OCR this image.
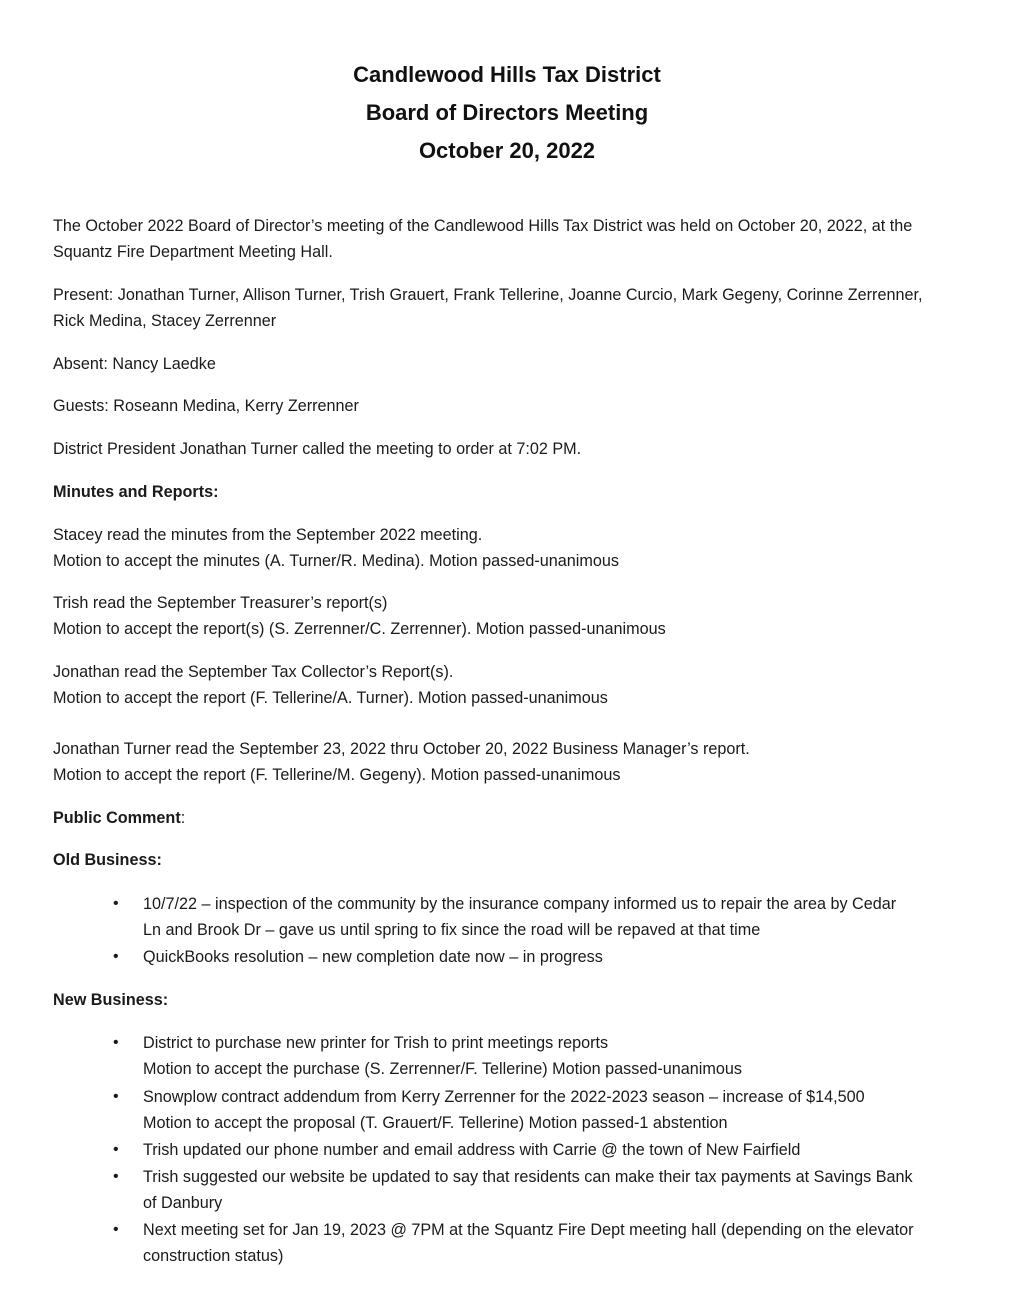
Candlewood Hills Tax District
Board of Directors Meeting
October 20, 2022
The October 2022 Board of Director’s meeting of the Candlewood Hills Tax District was held on October 20, 2022, at the
Squantz Fire Department Meeting Hall.
Present: Jonathan Turner, Allison Turner, Trish Grauert, Frank Tellerine, Joanne Curcio, Mark Gegeny, Corinne Zerrenner,
Rick Medina, Stacey Zerrenner
Absent: Nancy Laedke
Guests: Roseann Medina, Kerry Zerrenner
District President Jonathan Turner called the meeting to order at 7:02 PM.
Minutes and Reports:
Stacey read the minutes from the September 2022 meeting.
Motion to accept the minutes (A. Turner/R. Medina). Motion passed-unanimous
Trish read the September Treasurer’s report(s)
Motion to accept the report(s) (S. Zerrenner/C. Zerrenner). Motion passed-unanimous
Jonathan read the September Tax Collector’s Report(s).
Motion to accept the report (F. Tellerine/A. Turner). Motion passed-unanimous
Jonathan Turner read the September 23, 2022 thru October 20, 2022 Business Manager’s report.
Motion to accept the report (F. Tellerine/M. Gegeny). Motion passed-unanimous
Public Comment:
Old Business:
• 10/7/22 – inspection of the community by the insurance company informed us to repair the area by Cedar
Ln and Brook Dr – gave us until spring to fix since the road will be repaved at that time
• QuickBooks resolution – new completion date now – in progress
New Business:
• District to purchase new printer for Trish to print meetings reports
Motion to accept the purchase (S. Zerrenner/F. Tellerine) Motion passed-unanimous
• Snowplow contract addendum from Kerry Zerrenner for the 2022-2023 season – increase of $14,500
Motion to accept the proposal (T. Grauert/F. Tellerine) Motion passed-1 abstention
• Trish updated our phone number and email address with Carrie @ the town of New Fairfield
• Trish suggested our website be updated to say that residents can make their tax payments at Savings Bank
of Danbury
• Next meeting set for Jan 19, 2023 @ 7PM at the Squantz Fire Dept meeting hall (depending on the elevator
construction status)
